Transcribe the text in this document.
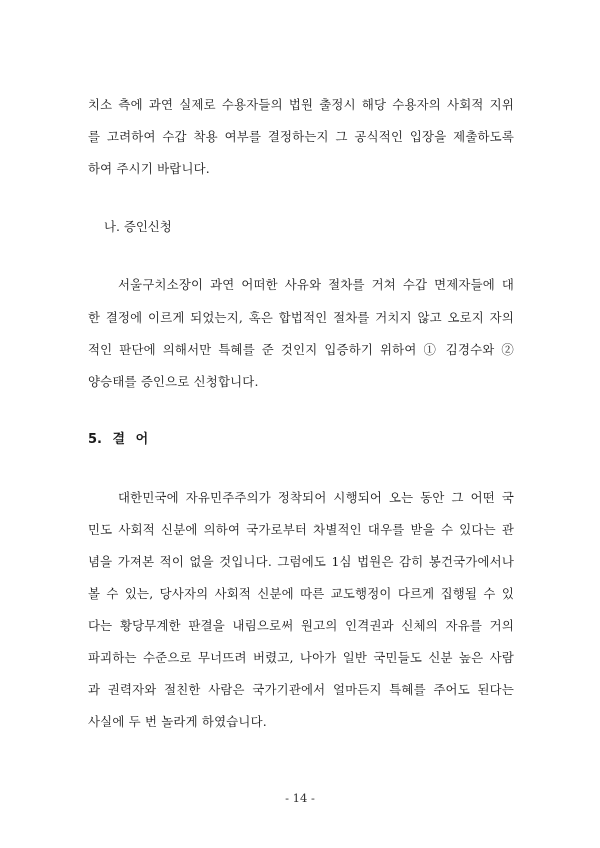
치소 측에 과연 실제로 수용자들의 법원 출정시 해당 수용자의 사회적 지위
를 고려하여 수갑 착용 여부를 결정하는지 그 공식적인 입장을 제출하도록
하여 주시기 바랍니다.
나. 증인신청
서울구치소장이 과연 어떠한 사유와 절차를 거쳐 수갑 면제자들에 대
한 결정에 이르게 되었는지, 혹은 합법적인 절차를 거치지 않고 오로지 자의
적인 판단에 의해서만 특혜를 준 것인지 입증하기 위하여 ① 김경수와 ②
양승태를 증인으로 신청합니다.
5. 결 어
대한민국에 자유민주주의가 정착되어 시행되어 오는 동안 그 어떤 국
민도 사회적 신분에 의하여 국가로부터 차별적인 대우를 받을 수 있다는 관
념을 가져본 적이 없을 것입니다. 그럼에도 1심 법원은 감히 봉건국가에서나
볼 수 있는, 당사자의 사회적 신분에 따른 교도행정이 다르게 집행될 수 있
다는 황당무계한 판결을 내림으로써 원고의 인격권과 신체의 자유를 거의
파괴하는 수준으로 무너뜨려 버렸고, 나아가 일반 국민들도 신분 높은 사람
과 권력자와 절친한 사람은 국가기관에서 얼마든지 특혜를 주어도 된다는
사실에 두 번 놀라게 하였습니다.
- 14 -
